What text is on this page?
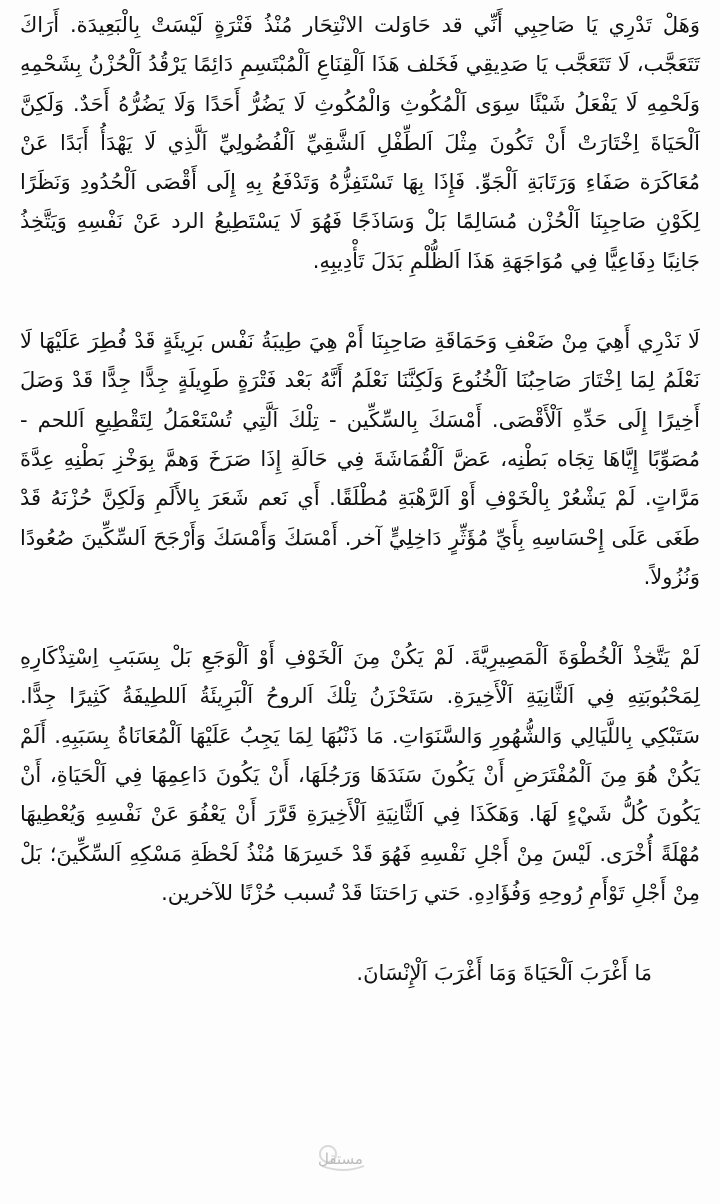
وَهَلْ تَدْرِي يَا صَاحِبِي أَنِّي قد حَاوَلت الانْتِحَار مُنْذُ فَتْرَةٍ لَيْسَتْ بِالْبَعِيدَة. أَرَاكَ تَتَعَجَّب، لَا تَتَعَجَّب يَا صَدِيقِي فَخَلف هَذَا اَلْقِنَاعِ اَلْمُبْتَسِمِ دَائِمًا يَرْقُدُ اَلْحُزْنُ بِشَحْمِهِ وَلَحْمِهِ لَا يَفْعَلُ شَيْئًا سِوَى اَلْمُكُوثِ وَالْمُكُوثِ لَا يَضُرُّ أَحَدًا وَلَا يَضُرُّهُ أَحَدٌ. وَلَكِنَّ اَلْحَيَاةَ اِخْتَارَتْ أَنْ تَكُونَ مِثْلَ اَلطِّفْلِ اَلشَّقِيِّ اَلْفُضُولِيِّ اَلَّذِي لَا يَهْدَأُ أَبَدًا عَنْ مُعَاكَرَة صَفَاءِ وَرَتَابَةِ اَلْجَوِّ. فَإِذَا بِهَا تَسْتَفِزُّهُ وَتَدْفَعُ بِهِ إِلَى أَقْصَى اَلْحُدُودِ وَنَظَرًا لِكَوْنِ صَاحِبِنَا اَلْحُزْن مُسَالِمًا بَلْ وَسَاذَجًا فَهُوَ لَا يَسْتَطِيعُ الرد عَنْ نَفْسِهِ وَيَتَّخِذُ جَانِبًا دِفَاعِيًّا فِي مُوَاجَهَةِ هَذَا اَلظُّلْمِ بَدَلَ تَأْدِيبِهِ.

لَا نَدْرِي أَهِيَ مِنْ ضَعْفِ وَحَمَاقَةِ صَاحِبِنَا أَمْ هِيَ طِيبَةُ نَفْس بَرِيئَةٍ قَدْ فُطِرَ عَلَيْهَا لَا نَعْلَمُ لِمَا اِخْتَارَ صَاحِبُنَا اَلْخُنُوعَ وَلَكِنَّنَا نَعْلَمُ أَنَّهُ بَعْد فَتْرَةٍ طَوِيلَةٍ جِدًّا جِدًّا قَدْ وَصَلَ أَخِيرًا إِلَى حَدِّهِ اَلْأَقْصَى. أَمْسَكَ بِالسِّكِّين - تِلْكَ اَلَّتِي تُسْتَعْمَلُ لِتَقْطِيعِ اَللحم - مُصَوِّبًا إِيَّاهَا تِجَاه بَطْنِه، عَضَّ اَلْقُمَاشَةَ فِي حَالَةِ إِذَا صَرَخَ وَهمَّ بِوَخْزِ بَطْنِهِ عِدَّةَ مَرَّاتٍ. لَمْ يَشْعُرْ بِالْخَوْفِ أَوْ اَلرَّهْبَةِ مُطْلَقًا. أَي نَعم شَعَرَ بِالأَلَمِ وَلَكِنَّ حُزْنَهُ قَدْ طَغَى عَلَى إِحْسَاسِهِ بِأَيِّ مُؤَثِّرٍ دَاخِلِيٍّ آخر. أَمْسَكَ وَأَمْسَكَ وَأَرْجَحَ اَلسِّكِّينَ صُعُودًا وَنُزُولاً.

لَمْ يَتَّخِذْ اَلْخُطْوَةَ اَلْمَصِيرِيَّةَ. لَمْ يَكُنْ مِنَ اَلْخَوْفِ أَوْ اَلْوَجَعِ بَلْ بِسَبَبِ اِسْتِذْكَارِهِ لِمَحْبُوبَتِهِ فِي اَلثَّانِيَةِ اَلْأَخِيرَةِ. سَتَحْزَنُ تِلْكَ اَلروحُ اَلْبَرِيئَةُ اَللطِيفَةُ كَثِيرًا جِدًّا. سَتَبْكِي بِاللَّيَالِي وَالشُّهُورِ وَالسَّنَوَاتِ. مَا ذَنْبُهَا لِمَا يَجِبُ عَلَيْهَا اَلْمُعَانَاةُ بِسَبَبِهِ. أَلَمْ يَكُنْ هُوَ مِنَ اَلْمُفْتَرَضِ أَنْ يَكُونَ سَنَدَهَا وَرَجُلَهَا، أَنْ يَكُونَ دَاعِمِهَا فِي اَلْحَيَاةِ، أَنْ يَكُونَ كُلُّ شَيْءٍ لَهَا. وَهَكَذَا فِي اَلثَّانِيَةِ اَلْأَخِيرَةِ قَرَّرَ أَنْ يَعْفُوَ عَنْ نَفْسِهِ وَيُعْطِيهَا مُهْلَةً أُخْرَى. لَيْسَ مِنْ أَجْلِ نَفْسِهِ فَهُوَ قَدْ خَسِرَهَا مُنْذُ لَحْظَةِ مَسْكِهِ اَلسِّكِّينَ؛ بَلْ مِنْ أَجْلِ تَوْأَمِ رُوحِهِ وَفُؤَادِهِ. حَتي رَاحَتنَا قَدْ تُسبب حُزْنًا للآخرين.

مَا أَغْرَبَ اَلْحَيَاةَ وَمَا أَغْرَبَ اَلْإِنْسَانَ.

مستقل
